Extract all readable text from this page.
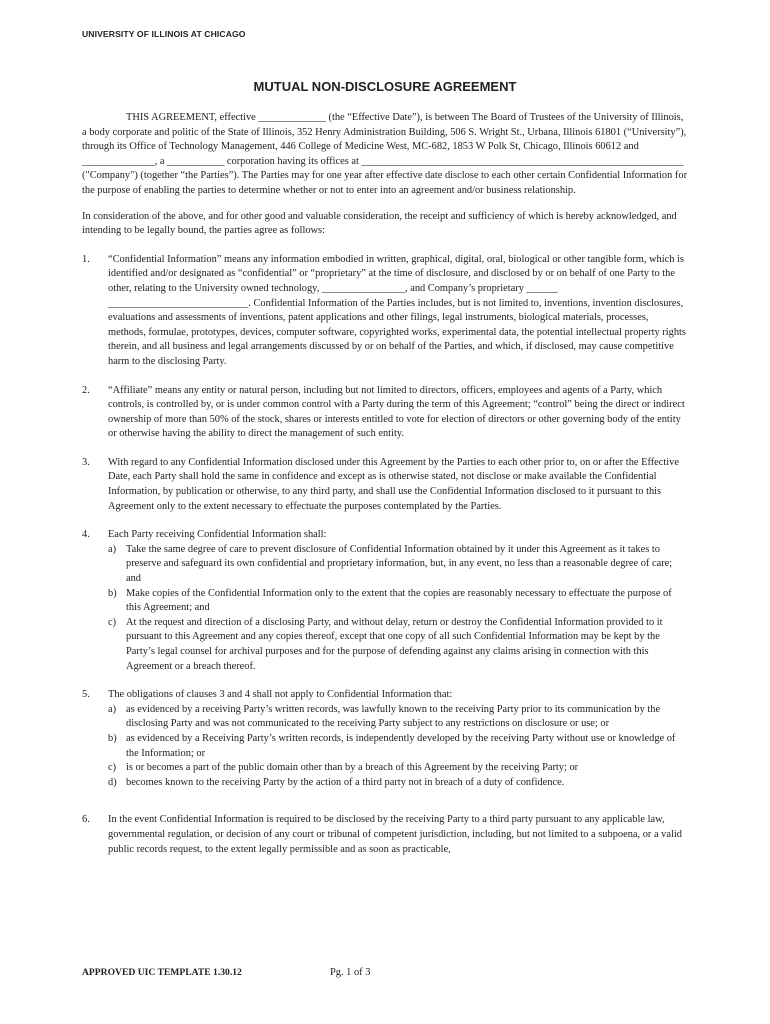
UNIVERSITY OF ILLINOIS AT CHICAGO
MUTUAL NON-DISCLOSURE AGREEMENT

THIS AGREEMENT, effective _____________ (the “Effective Date”), is between The Board of Trustees of the University of Illinois, a body corporate and politic of the State of Illinois, 352 Henry Administration Building, 506 S. Wright St., Urbana, Illinois 61801 (“University”), through its Office of Technology Management, 446 College of Medicine West, MC-682, 1853 W Polk St, Chicago, Illinois 60612 and ______________, a ___________ corporation having its offices at ______________________________________________________________ ("Company") (together “the Parties”). The Parties may for one year after effective date disclose to each other certain Confidential Information for the purpose of enabling the parties to determine whether or not to enter into an agreement and/or business relationship.

In consideration of the above, and for other good and valuable consideration, the receipt and sufficiency of which is hereby acknowledged, and intending to be legally bound, the parties agree as follows:

1.	“Confidential Information” means any information embodied in written, graphical, digital, oral, biological or other tangible form, which is identified and/or designated as “confidential” or “proprietary” at the time of disclosure, and disclosed by or on behalf of one Party to the other, relating to the University owned technology, ________________, and Company’s proprietary ______ ___________________________. Confidential Information of the Parties includes, but is not limited to, inventions, invention disclosures, evaluations and assessments of inventions, patent applications and other filings, legal instruments, biological materials, processes, methods, formulae, prototypes, devices, computer software, copyrighted works, experimental data, the potential intellectual property rights therein, and all business and legal arrangements discussed by or on behalf of the Parties, and which, if disclosed, may cause competitive harm to the disclosing Party.
2.	“Affiliate” means any entity or natural person, including but not limited to directors, officers, employees and agents of a Party, which controls, is controlled by, or is under common control with a Party during the term of this Agreement; “control” being the direct or indirect ownership of more than 50% of the stock, shares or interests entitled to vote for election of directors or other governing body of the entity or otherwise having the ability to direct the management of such entity.
3.	With regard to any Confidential Information disclosed under this Agreement by the Parties to each other prior to, on or after the Effective Date, each Party shall hold the same in confidence and except as is otherwise stated, not disclose or make available the Confidential Information, by publication or otherwise, to any third party, and shall use the Confidential Information disclosed to it pursuant to this Agreement only to the extent necessary to effectuate the purposes contemplated by the Parties.
4.	Each Party receiving Confidential Information shall:
a) Take the same degree of care to prevent disclosure of Confidential Information obtained by it under this Agreement as it takes to preserve and safeguard its own confidential and proprietary information, but, in any event, no less than a reasonable degree of care; and
b) Make copies of the Confidential Information only to the extent that the copies are reasonably necessary to effectuate the purpose of this Agreement; and
c) At the request and direction of a disclosing Party, and without delay, return or destroy the Confidential Information provided to it pursuant to this Agreement and any copies thereof, except that one copy of all such Confidential Information may be kept by the Party’s legal counsel for archival purposes and for the purpose of defending against any claims arising in connection with this Agreement or a breach thereof.
5.	The obligations of clauses 3 and 4 shall not apply to Confidential Information that:
a) as evidenced by a receiving Party’s written records, was lawfully known to the receiving Party prior to its communication by the disclosing Party and was not communicated to the receiving Party subject to any restrictions on disclosure or use; or
b) as evidenced by a Receiving Party’s written records, is independently developed by the receiving Party without use or knowledge of the Information; or
c) is or becomes a part of the public domain other than by a breach of this Agreement by the receiving Party; or
d) becomes known to the receiving Party by the action of a third party not in breach of a duty of confidence.
6.	In the event Confidential Information is required to be disclosed by the receiving Party to a third party pursuant to any applicable law, governmental regulation, or decision of any court or tribunal of competent jurisdiction, including, but not limited to a subpoena, or a valid public records request, to the extent legally permissible and as soon as practicable,
APPROVED UIC TEMPLATE 1.30.12	Pg. 1 of 3
